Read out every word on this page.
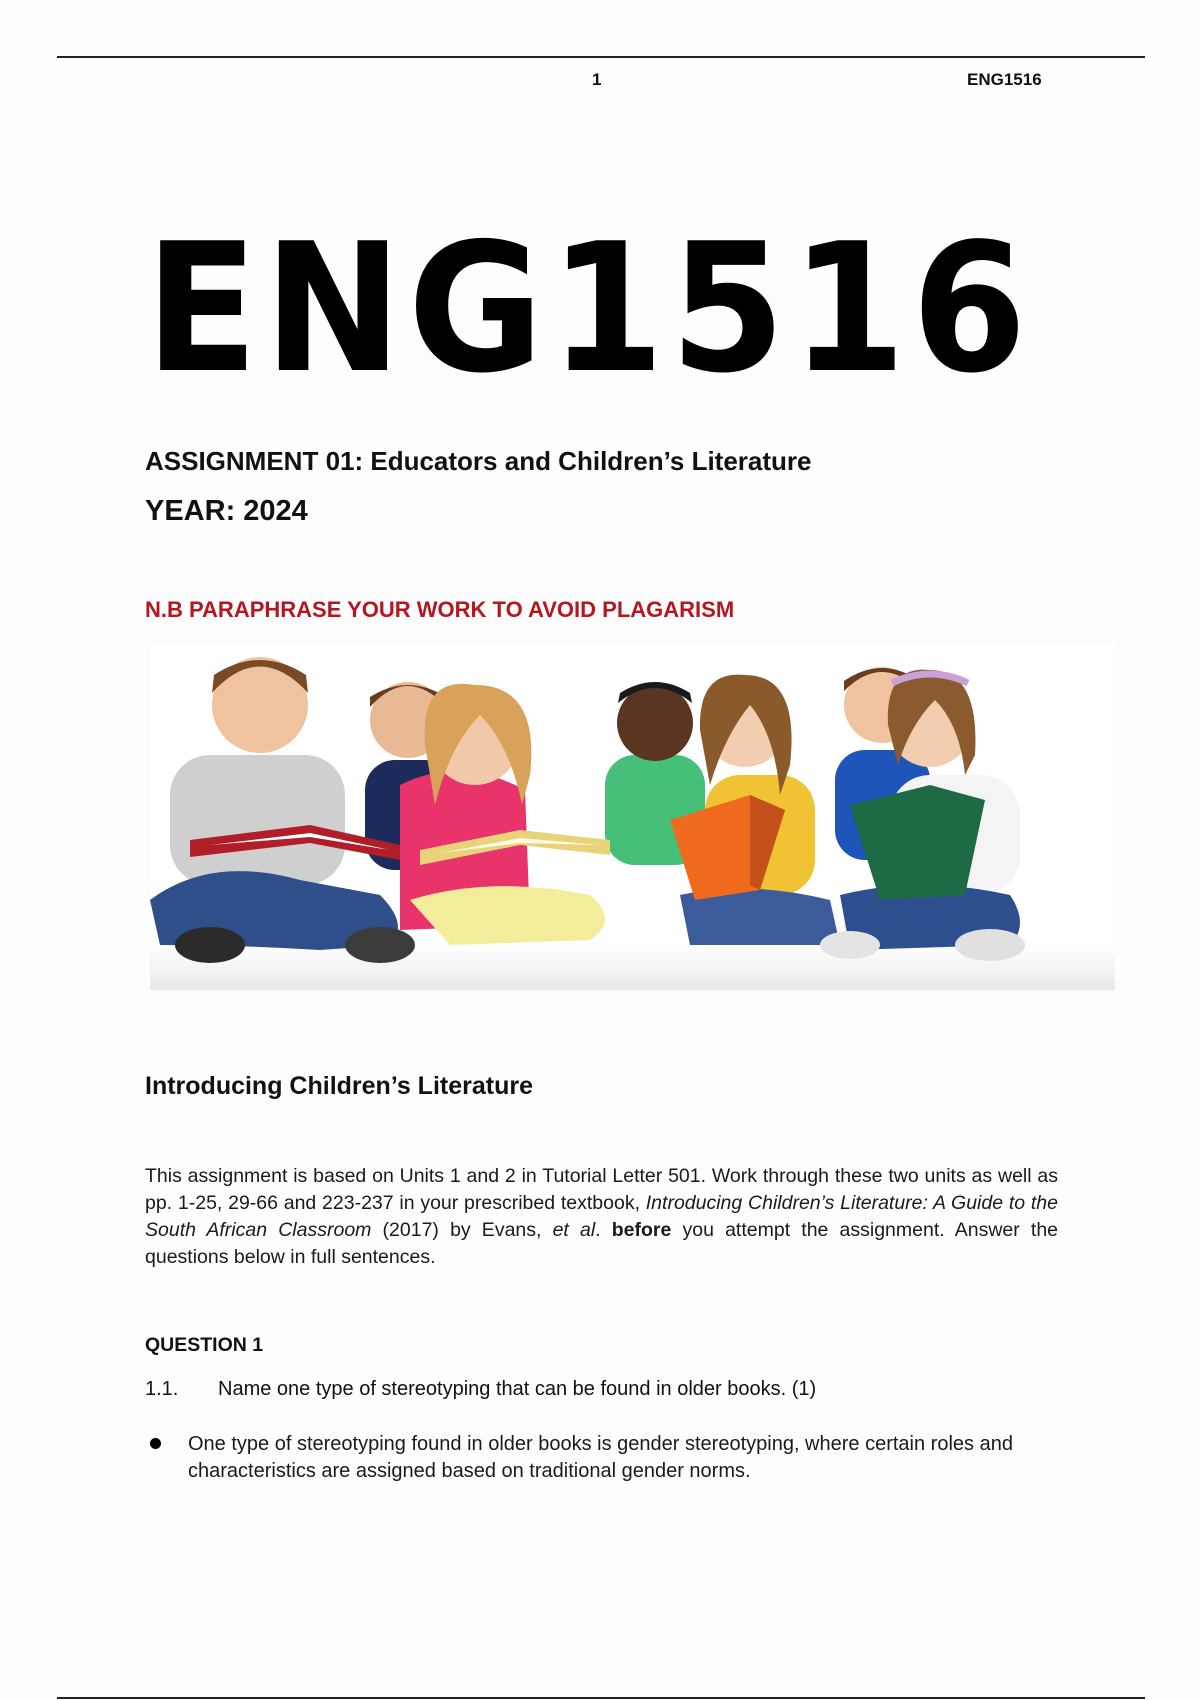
1	ENG1516
ENG1516
ASSIGNMENT 01: Educators and Children’s Literature
YEAR: 2024
N.B PARAPHRASE YOUR WORK TO AVOID PLAGARISM
Introducing Children’s Literature
This assignment is based on Units 1 and 2 in Tutorial Letter 501. Work through these two units as well as pp. 1-25, 29-66 and 223-237 in your prescribed textbook, Introducing Children’s Literature: A Guide to the South African Classroom (2017) by Evans, et al. before you attempt the assignment. Answer the questions below in full sentences.
QUESTION 1
1.1. Name one type of stereotyping that can be found in older books. (1)
One type of stereotyping found in older books is gender stereotyping, where certain roles and characteristics are assigned based on traditional gender norms.
